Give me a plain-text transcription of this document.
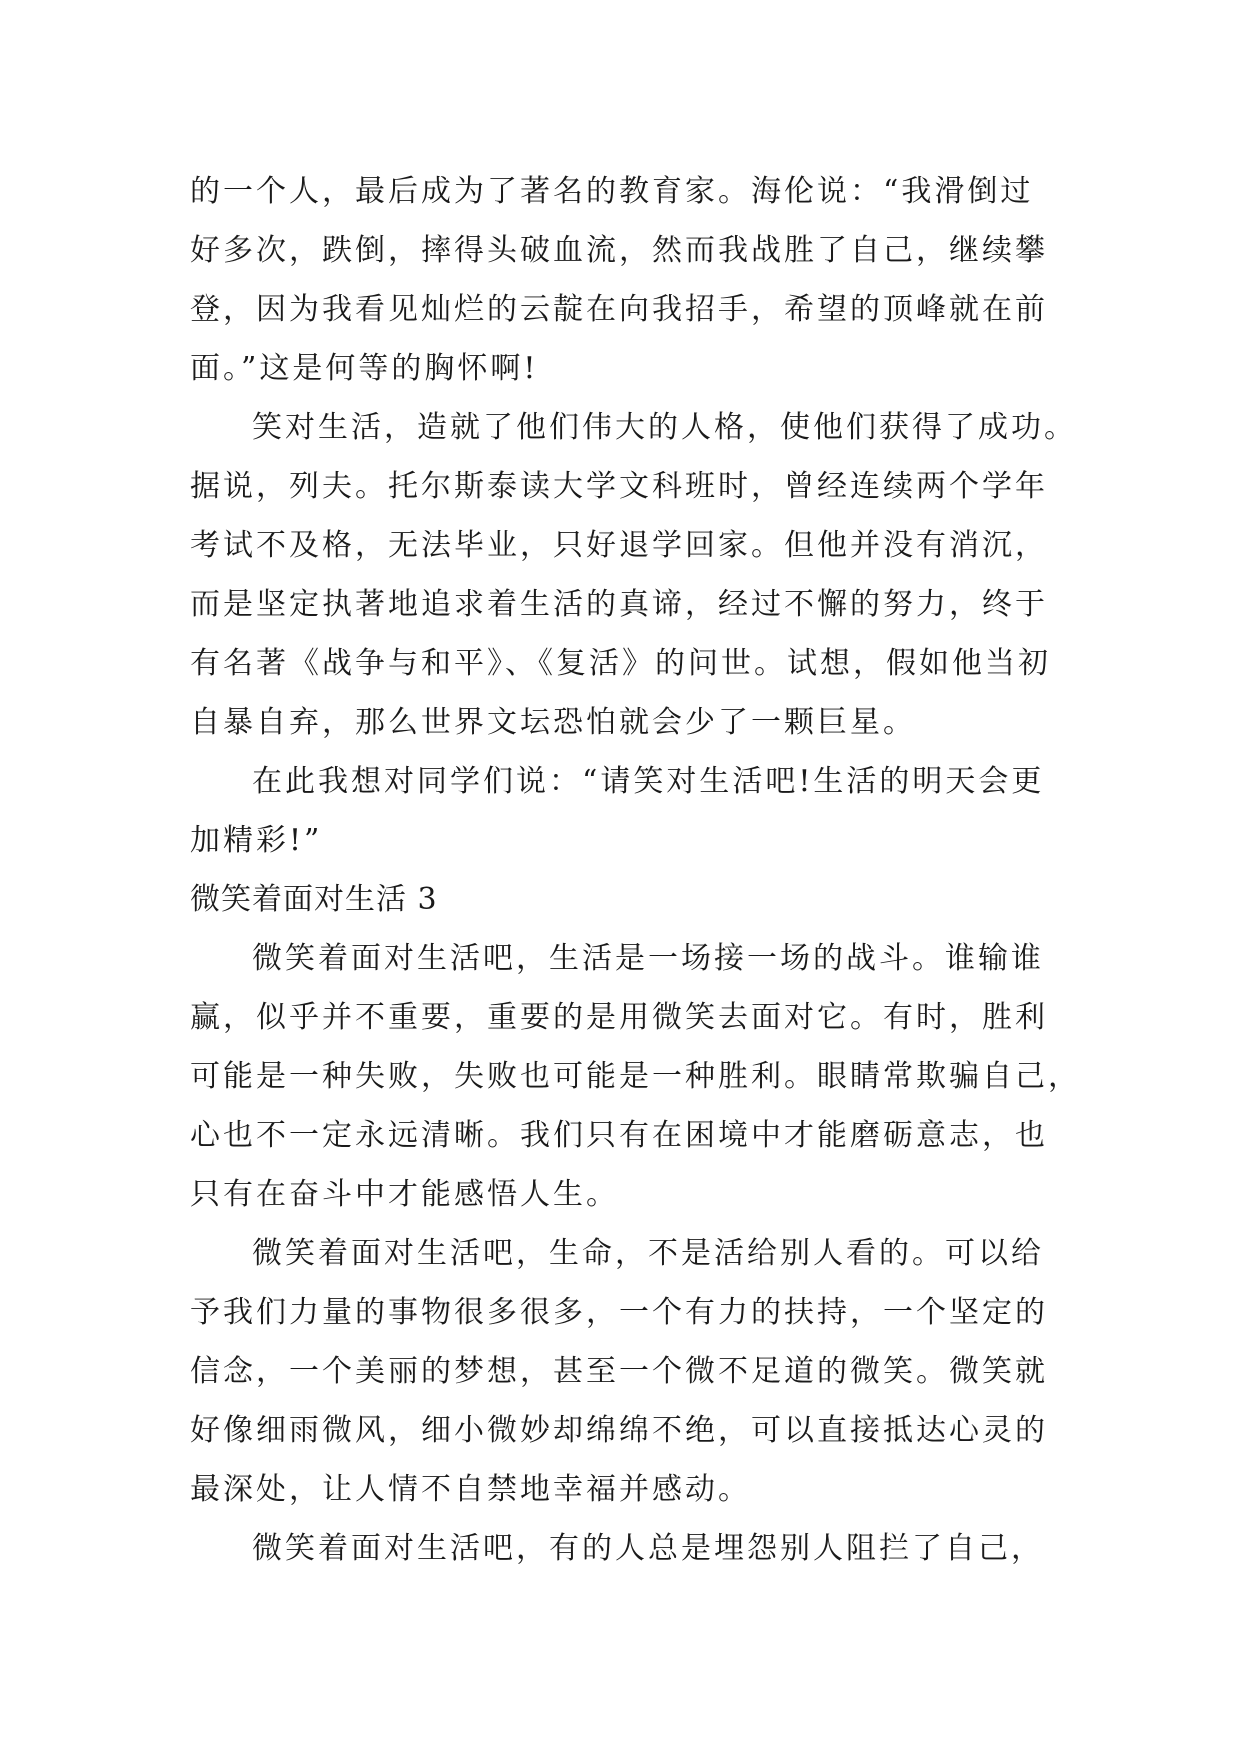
的一个人，最后成为了著名的教育家。海伦说：“我滑倒过
好多次，跌倒，摔得头破血流，然而我战胜了自己，继续攀
登，因为我看见灿烂的云靛在向我招手，希望的顶峰就在前
面。”这是何等的胸怀啊!
笑对生活，造就了他们伟大的人格，使他们获得了成功。
据说，列夫。托尔斯泰读大学文科班时，曾经连续两个学年
考试不及格，无法毕业，只好退学回家。但他并没有消沉，
而是坚定执著地追求着生活的真谛，经过不懈的努力，终于
有名著《战争与和平》、《复活》的问世。试想，假如他当初
自暴自弃，那么世界文坛恐怕就会少了一颗巨星。
在此我想对同学们说：“请笑对生活吧!生活的明天会更
加精彩!”
微笑着面对生活 3
微笑着面对生活吧，生活是一场接一场的战斗。谁输谁
赢，似乎并不重要，重要的是用微笑去面对它。有时，胜利
可能是一种失败，失败也可能是一种胜利。眼睛常欺骗自己，
心也不一定永远清晰。我们只有在困境中才能磨砺意志，也
只有在奋斗中才能感悟人生。
微笑着面对生活吧，生命，不是活给别人看的。可以给
予我们力量的事物很多很多，一个有力的扶持，一个坚定的
信念，一个美丽的梦想，甚至一个微不足道的微笑。微笑就
好像细雨微风，细小微妙却绵绵不绝，可以直接抵达心灵的
最深处，让人情不自禁地幸福并感动。
微笑着面对生活吧，有的人总是埋怨别人阻拦了自己，
